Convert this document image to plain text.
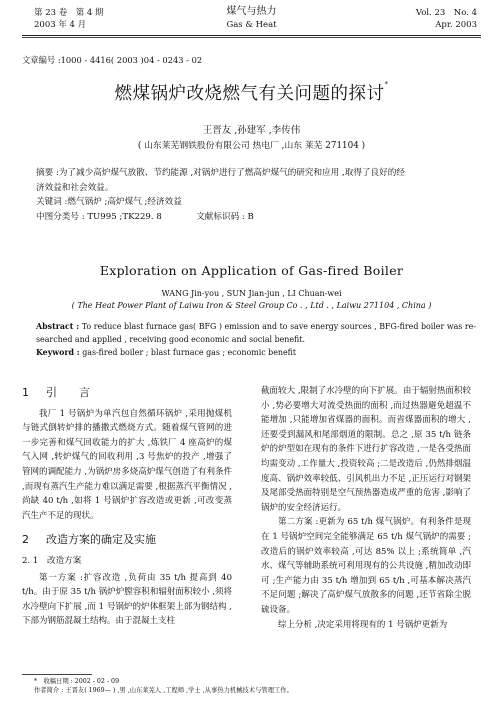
第 23 卷　第 4 期
2003 年 4 月
煤气与热力
Gas & Heat
Vol. 23　No. 4
Apr. 2003
文章编号 :1000 - 4416( 2003 )04 - 0243 - 02
燃煤锅炉改烧燃气有关问题的探讨*
王晋友 ,孙建军 ,李传伟
( 山东莱芜钢铁股份有限公司 热电厂 ,山东 莱芜 271104 )
摘要 :为了减少高炉煤气放散、节约能源 ,对锅炉进行了燃高炉煤气的研究和应用 ,取得了良好的经
济效益和社会效益。
关键词 :燃气锅炉 ;高炉煤气 ;经济效益
中图分类号 : TU995 ;TK229. 8　　　　文献标识码 : B
Exploration on Application of Gas-fired Boiler
WANG Jin-you , SUN Jian-jun , LI Chuan-wei
( The Heat Power Plant of Laiwu Iron & Steel Group Co . , Ltd . , Laiwu 271104 , China )
Abstract : To reduce blast furnace gas( BFG ) emission and to save energy sources , BFG-fired boiler was re-searched and applied , receiving good economic and social benefit.
Keyword : gas-fired boiler ; blast furnace gas ; economic benefit
1 引　　言

我厂 1 号锅炉为单汽包自然循环锅炉 ,采用抛煤机与链式倒转炉排的播撒式燃烧方式。随着煤气管网的进一步完善和煤气回收能力的扩大 ,炼铁厂 4 座高炉的煤气入网 ,转炉煤气的回收利用 ,3 号焦炉的投产 ,增强了管网的调配能力 ,为锅炉房多烧高炉煤气创造了有利条件 ,而现有蒸汽生产能力难以满足需要 ,根据蒸汽平衡情况 ,尚缺 40 t/h ,如将 1 号锅炉扩容改造或更新 ,可改变蒸汽生产不足的现状。

2 改造方案的确定及实施
2. 1　改造方案

第一方案 :扩容改造 ,负荷由 35 t/h 提高到 40 t/h。由于原 35 t/h 锅炉炉膛容积和辐射面积较小 ,须将水冷壁向下扩展 ,而 1 号锅炉的炉体框架上部为钢结构 ,下部为钢筋混凝土结构。由于混凝土支柱

截面较大 ,限制了水冷壁的向下扩展。由于辐射热面积较小 ,势必要增大对流受热面的面积 ,而过热器避免超温不能增加 ,只能增加省煤器的面积。而省煤器面积的增大 ,还要受到漏风和尾部烟道的限制。总之 ,原 35 t/h 链条炉的炉型如在现有的条件下进行扩容改造 ,一是各受热面均需变动 ,工作量大 ,投资较高 ;二是改造后 ,仍然排烟温度高、锅炉效率较低、引风机出力不足 ,正压运行对钢架及尾部受热面特别是空气预热器造成严重的危害 ,影响了锅炉的安全经济运行。

第二方案 :更新为 65 t/h 煤气锅炉。有利条件是现在 1 号锅炉空间完全能够满足 65 t/h 煤气锅炉的需要 ;改造后的锅炉效率较高 ,可达 85% 以上 ;系统简单 ,汽水、煤气等辅助系统可利用现有的公共设施 ,精加改动即可 ;生产能力由 35 t/h 增加到 65 t/h ,可基本解决蒸汽不足问题 ;解决了高炉煤气放散多的问题 ,还节省除尘脱硫设备。

综上分析 ,决定采用将现有的 1 号锅炉更新为

*　收稿日期 : 2002 - 02 - 09
作者简介 : 王晋友( 1969— ) ,男 ,山东莱芜人 ,工程师 ,学士 ,从事热力机械技术与管理工作。
